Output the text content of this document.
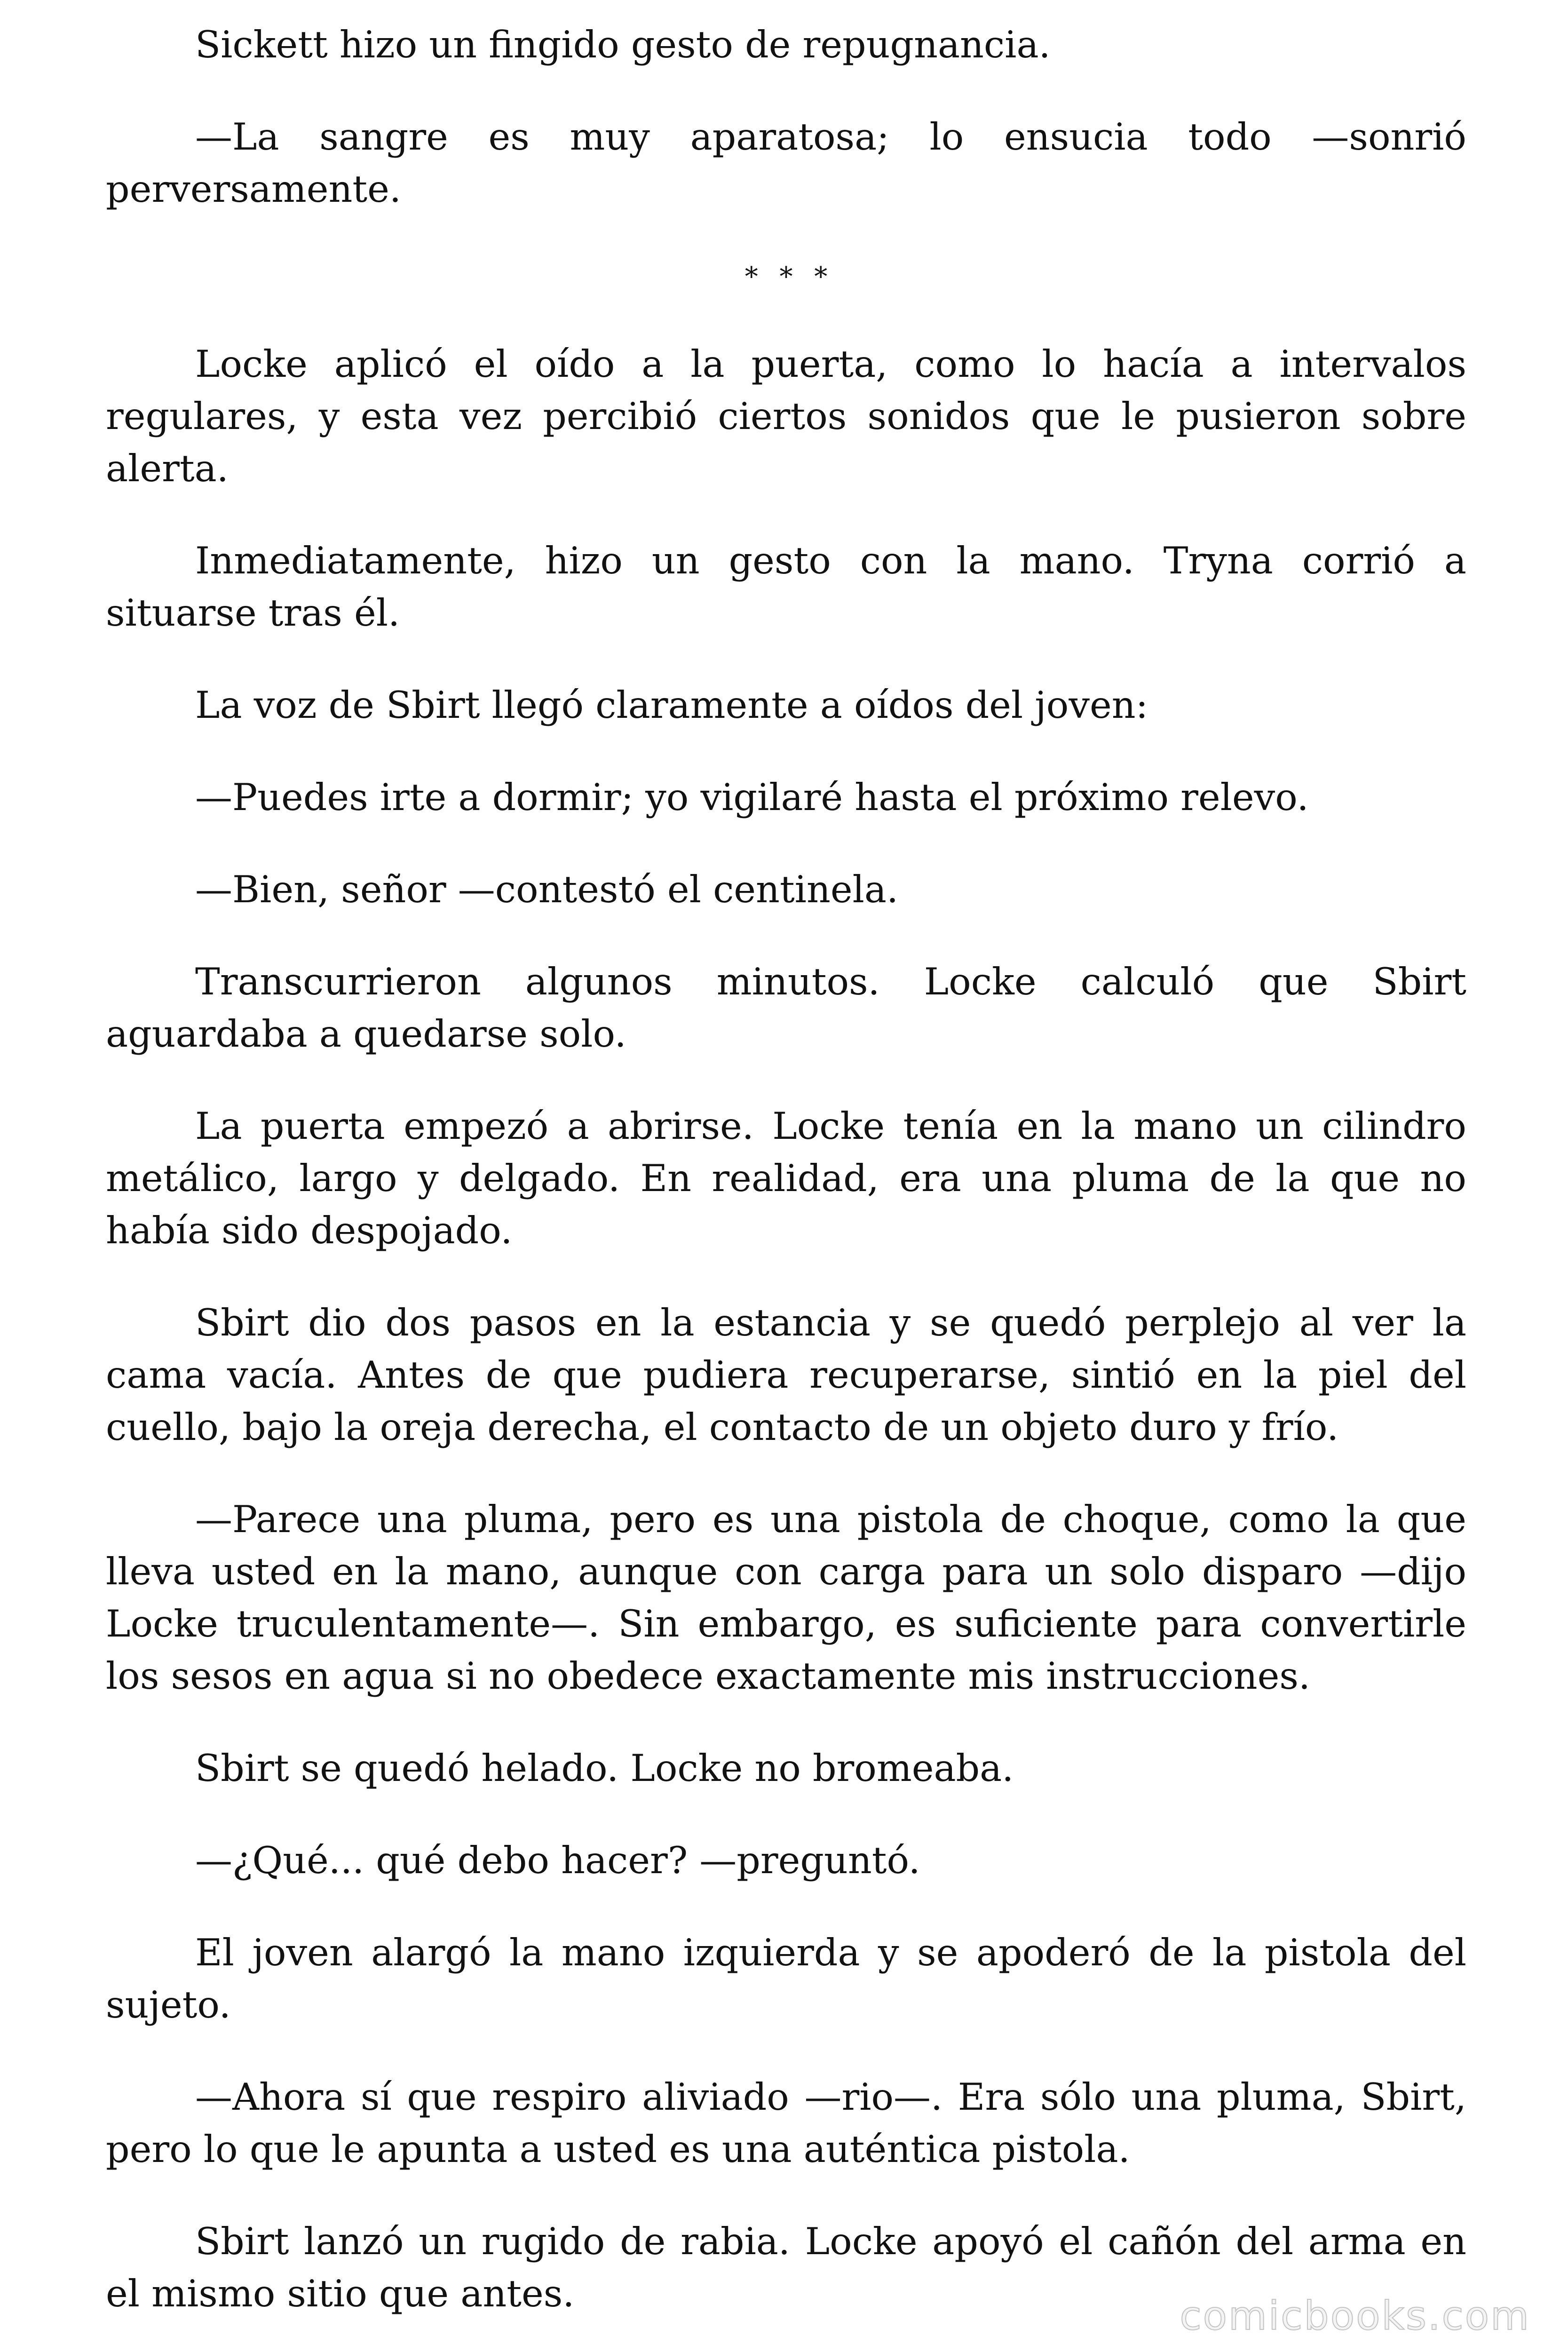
Sickett hizo un fingido gesto de repugnancia.

—La sangre es muy aparatosa; lo ensucia todo —sonrió perversamente.

* * *

Locke aplicó el oído a la puerta, como lo hacía a intervalos regulares, y esta vez percibió ciertos sonidos que le pusieron sobre alerta.

Inmediatamente, hizo un gesto con la mano. Tryna corrió a situarse tras él.

La voz de Sbirt llegó claramente a oídos del joven:

—Puedes irte a dormir; yo vigilaré hasta el próximo relevo.

—Bien, señor —contestó el centinela.

Transcurrieron algunos minutos. Locke calculó que Sbirt aguardaba a quedarse solo.

La puerta empezó a abrirse. Locke tenía en la mano un cilindro metálico, largo y delgado. En realidad, era una pluma de la que no había sido despojado.

Sbirt dio dos pasos en la estancia y se quedó perplejo al ver la cama vacía. Antes de que pudiera recuperarse, sintió en la piel del cuello, bajo la oreja derecha, el contacto de un objeto duro y frío.

—Parece una pluma, pero es una pistola de choque, como la que lleva usted en la mano, aunque con carga para un solo disparo —dijo Locke truculentamente—. Sin embargo, es suficiente para convertirle los sesos en agua si no obedece exactamente mis instrucciones.

Sbirt se quedó helado. Locke no bromeaba.

—¿Qué... qué debo hacer? —preguntó.

El joven alargó la mano izquierda y se apoderó de la pistola del sujeto.

—Ahora sí que respiro aliviado —rio—. Era sólo una pluma, Sbirt, pero lo que le apunta a usted es una auténtica pistola.

Sbirt lanzó un rugido de rabia. Locke apoyó el cañón del arma en el mismo sitio que antes.	comicbooks.com
